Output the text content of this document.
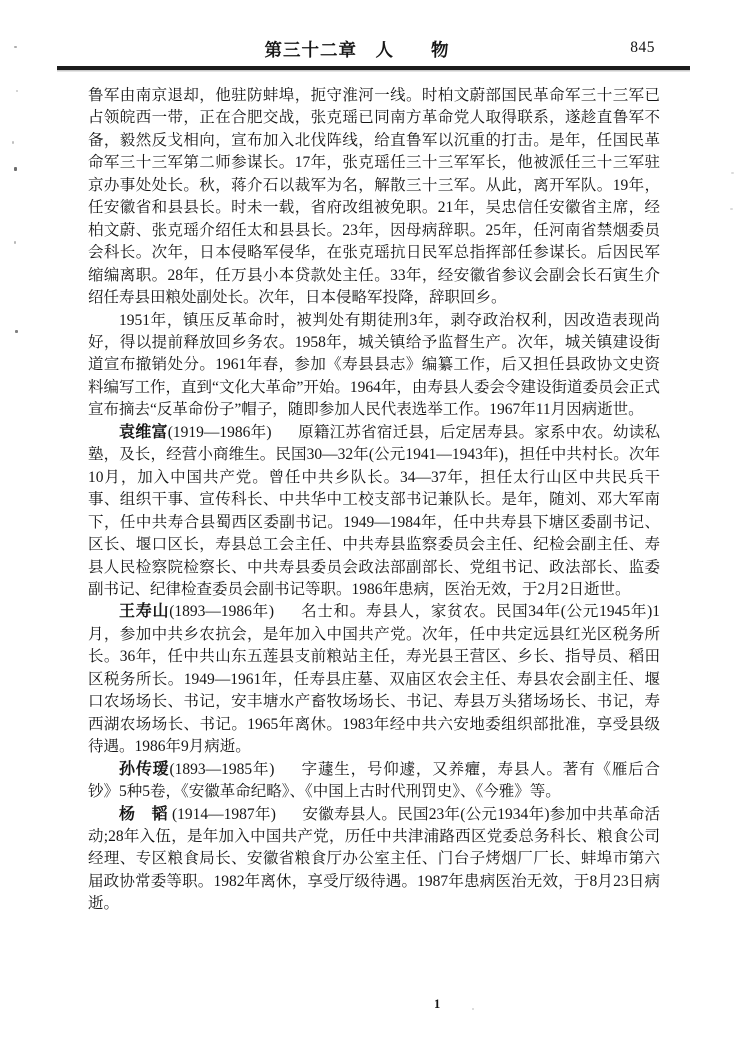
第三十二章　人　　物	845

鲁军由南京退却，他驻防蚌埠，扼守淮河一线。时柏文蔚部国民革命军三十三军已占领皖西一带，正在合肥交战，张克瑶已同南方革命党人取得联系，遂趁直鲁军不备，毅然反戈相向，宣布加入北伐阵线，给直鲁军以沉重的打击。是年，任国民革命军三十三军第二师参谋长。17年，张克瑶任三十三军军长，他被派任三十三军驻京办事处处长。秋，蒋介石以裁军为名，解散三十三军。从此，离开军队。19年，任安徽省和县县长。时未一载，省府改组被免职。21年，吴忠信任安徽省主席，经柏文蔚、张克瑶介绍任太和县县长。23年，因母病辞职。25年，任河南省禁烟委员会科长。次年，日本侵略军侵华，在张克瑶抗日民军总指挥部任参谋长。后因民军缩编离职。28年，任万县小本贷款处主任。33年，经安徽省参议会副会长石寅生介绍任寿县田粮处副处长。次年，日本侵略军投降，辞职回乡。

1951年，镇压反革命时，被判处有期徒刑3年，剥夺政治权利，因改造表现尚好，得以提前释放回乡务农。1958年，城关镇给予监督生产。次年，城关镇建设街道宣布撤销处分。1961年春，参加《寿县县志》编纂工作，后又担任县政协文史资料编写工作，直到“文化大革命”开始。1964年，由寿县人委会令建设街道委员会正式宣布摘去“反革命份子”帽子，随即参加人民代表选举工作。1967年11月因病逝世。

袁维富(1919—1986年) 原籍江苏省宿迁县，后定居寿县。家系中农。幼读私塾，及长，经营小商维生。民国30—32年(公元1941—1943年)，担任中共村长。次年10月，加入中国共产党。曾任中共乡队长。34—37年，担任太行山区中共民兵干事、组织干事、宣传科长、中共华中工校支部书记兼队长。是年，随刘、邓大军南下，任中共寿合县蜀西区委副书记。1949—1984年，任中共寿县下塘区委副书记、区长、堰口区长，寿县总工会主任、中共寿县监察委员会主任、纪检会副主任、寿县人民检察院检察长、中共寿县委员会政法部副部长、党组书记、政法部长、监委副书记、纪律检查委员会副书记等职。1986年患病，医治无效，于2月2日逝世。

王寿山(1893—1986年) 名士和。寿县人，家贫农。民国34年(公元1945年)1月，参加中共乡农抗会，是年加入中国共产党。次年，任中共定远县红光区税务所长。36年，任中共山东五莲县支前粮站主任，寿光县王营区、乡长、指导员、稻田区税务所长。1949—1961年，任寿县庄墓、双庙区农会主任、寿县农会副主任、堰口农场场长、书记，安丰塘水产畜牧场场长、书记、寿县万头猪场场长、书记，寿西湖农场场长、书记。1965年离休。1983年经中共六安地委组织部批准，享受县级待遇。1986年9月病逝。

孙传瑷(1893—1985年) 字蘧生，号仰遽，又养癯，寿县人。著有《雁后合钞》5种5卷，《安徽革命纪略》、《中国上古时代刑罚史》、《今雅》等。

杨　韬 (1914—1987年) 安徽寿县人。民国23年(公元1934年)参加中共革命活动;28年入伍，是年加入中国共产党，历任中共津浦路西区党委总务科长、粮食公司经理、专区粮食局长、安徽省粮食厅办公室主任、门台子烤烟厂厂长、蚌埠市第六届政协常委等职。1982年离休，享受厅级待遇。1987年患病医治无效，于8月23日病逝。

1
